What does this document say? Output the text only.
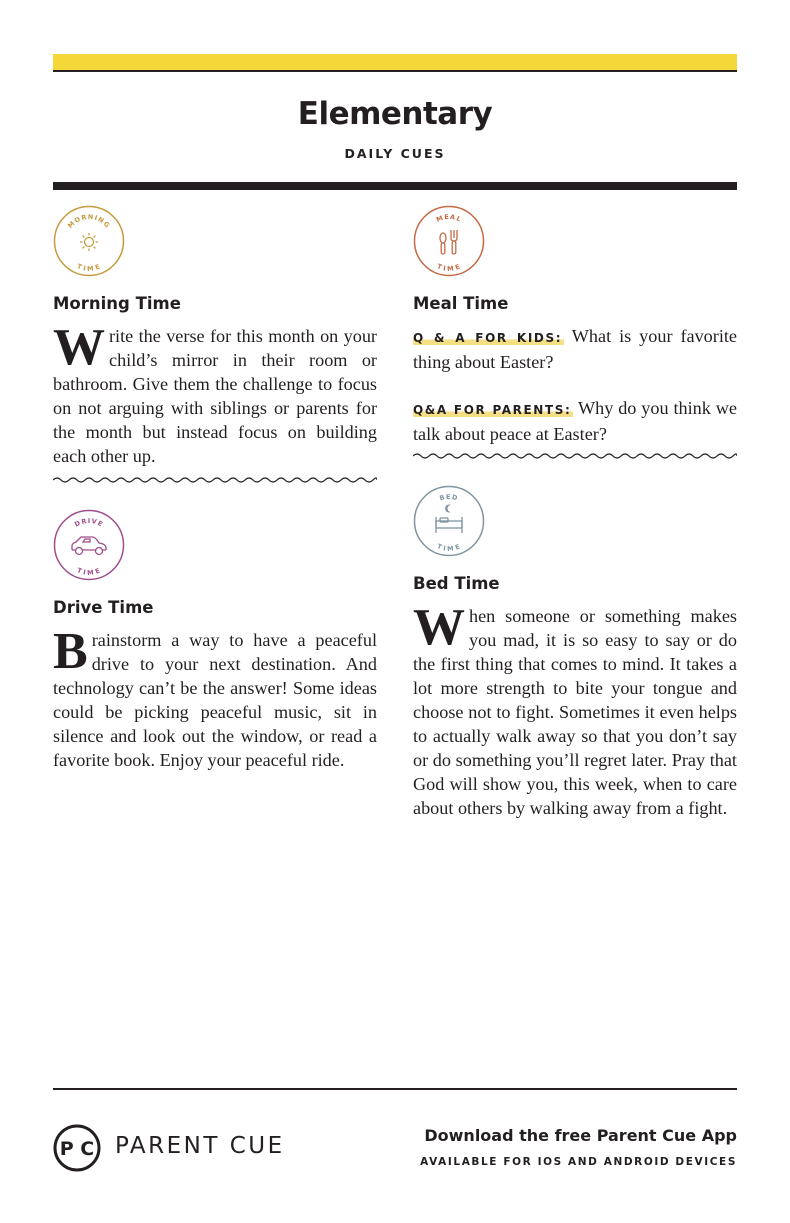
Elementary
DAILY CUES
MORNING
TIME
Morning Time
Write the verse for this month on your child’s mirror in their room or bathroom. Give them the challenge to focus on not arguing with siblings or parents for the month but instead focus on building each other up.
MEAL
TIME
Meal Time
Q & A FOR KIDS: What is your favorite thing about Easter?
Q&A FOR PARENTS: Why do you think we talk about peace at Easter?
DRIVE
TIME
Drive Time
Brainstorm a way to have a peaceful drive to your next destination. And technology can’t be the answer! Some ideas could be picking peaceful music, sit in silence and look out the window, or read a favorite book. Enjoy your peaceful ride.
BED
TIME
Bed Time
When someone or something makes you mad, it is so easy to say or do the first thing that comes to mind. It takes a lot more strength to bite your tongue and choose not to fight. Sometimes it even helps to actually walk away so that you don’t say or do something you’ll regret later. Pray that God will show you, this week, when to care about others by walking away from a fight.
P C PARENT CUE	Download the free Parent Cue App
AVAILABLE FOR IOS AND ANDROID DEVICES
